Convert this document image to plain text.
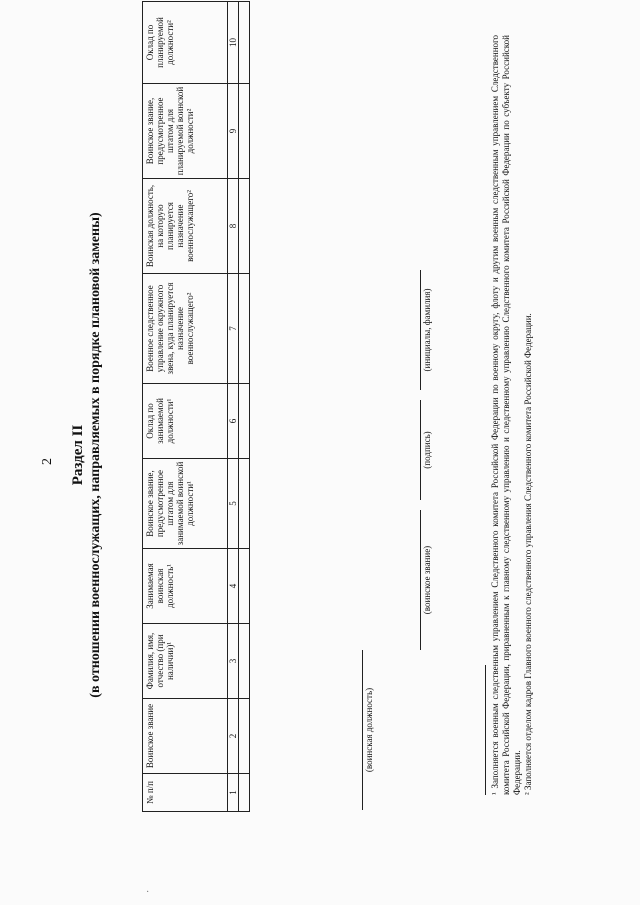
2 Раздел II (в отношении военнослужащих, направляемых в порядке плановой замены)
№ п/п	Воинское звание	Фамилия, имя, отчество (при наличии)¹	Занимаемая воинская должность¹	Воинское звание, предусмотренное штатом для занимаемой воинской должности¹	Оклад по занимаемой должности¹	Военное следственное управление окружного звена, куда планируется назначение военнослужащего²	Воинская должность, на которую планируется назначение военнослужащего²	Воинское звание, предусмотренное штатом для планируемой воинской должности²	Оклад по планируемой должности²
1	2	3	4	5	6	7	8	9	10

(воинская должность)
(воинское звание)
(подпись)
(инициалы, фамилия)	¹ Заполняется военным следственным управлением Следственного комитета Российской Федерации по военному округу, флоту и другим военным следственным управлением Следственного комитета Российской Федерации, приравненным к главному следственному управлению и следственному управлению Следственного комитета Российской Федерации по субъекту Российской Федерации. ² Заполняется отделом кадров Главного военного следственного управления Следственного комитета Российской Федерации.

·
